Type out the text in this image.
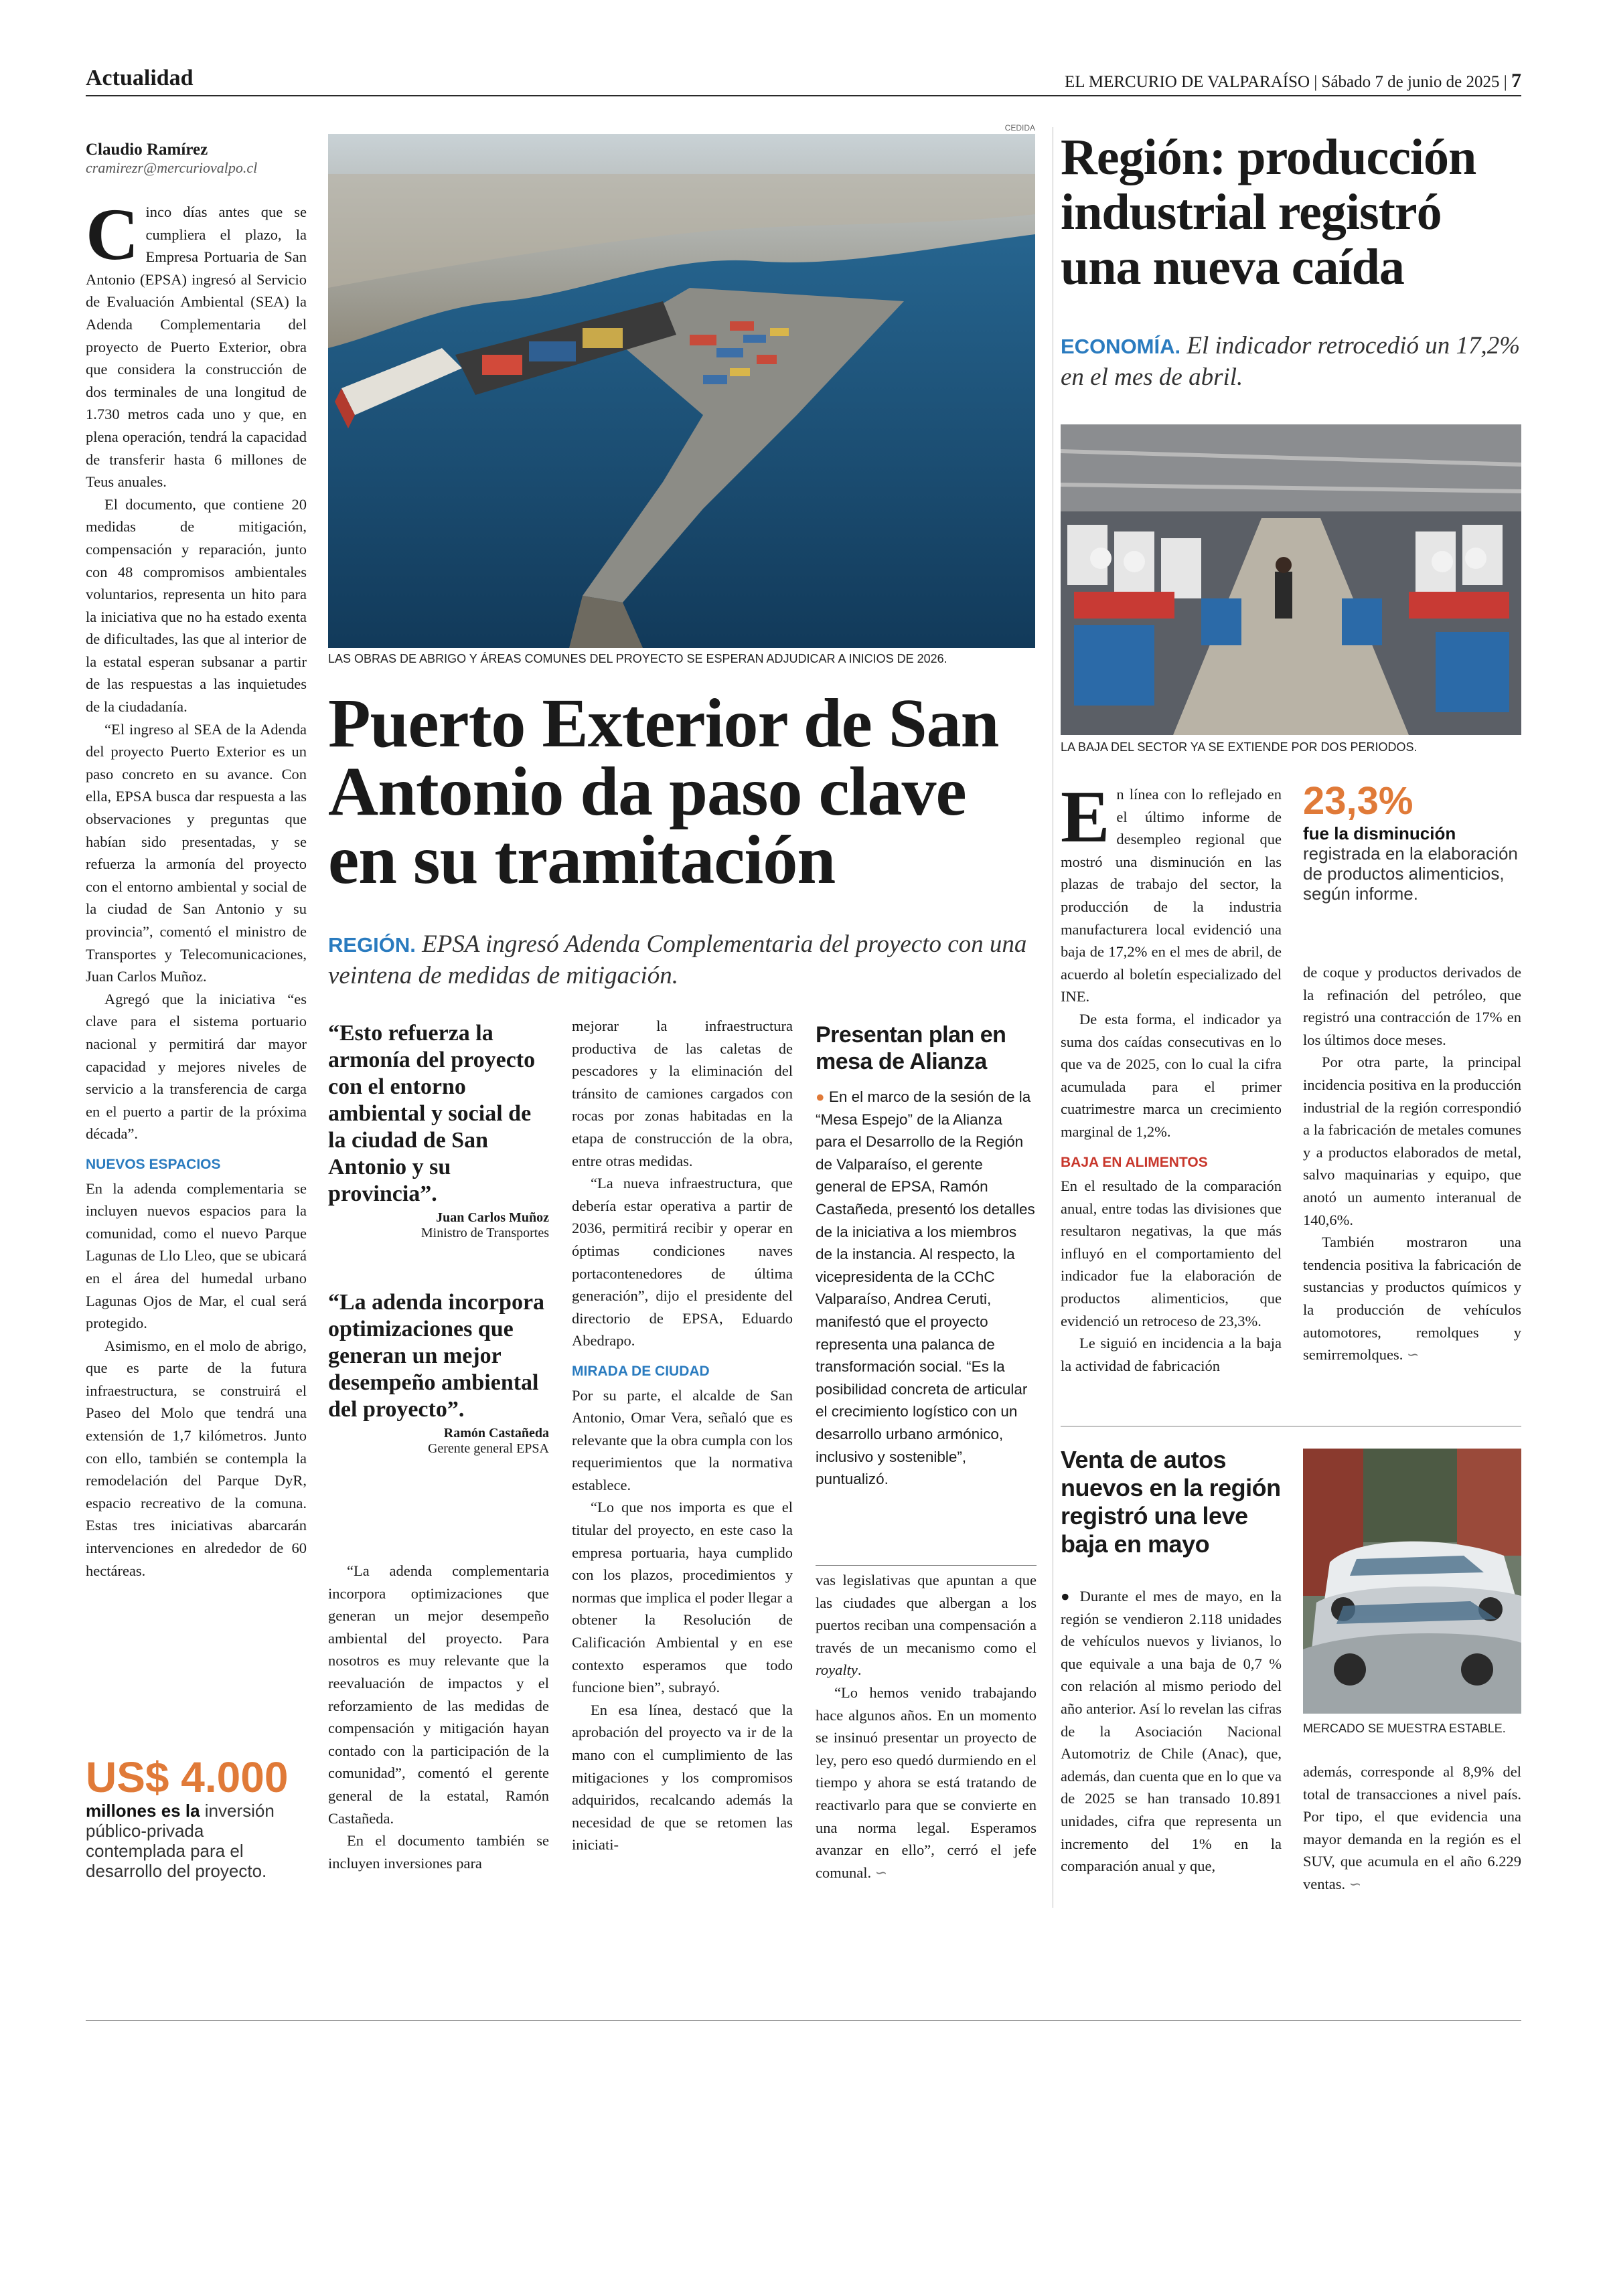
Actualidad	EL MERCURIO DE VALPARAÍSO | Sábado 7 de junio de 2025 | 7
Claudio Ramírez
cramirezr@mercuriovalpo.cl

Cinco días antes que se cumpliera el plazo, la Empresa Portuaria de San Antonio (EPSA) ingresó al Servicio de Evaluación Ambiental (SEA) la Adenda Complementaria del proyecto de Puerto Exterior, obra que considera la construcción de dos terminales de una longitud de 1.730 metros cada uno y que, en plena operación, tendrá la capacidad de transferir hasta 6 millones de Teus anuales.

El documento, que contiene 20 medidas de mitigación, compensación y reparación, junto con 48 compromisos ambientales voluntarios, representa un hito para la iniciativa que no ha estado exenta de dificultades, las que al interior de la estatal esperan subsanar a partir de las respuestas a las inquietudes de la ciudadanía.

“El ingreso al SEA de la Adenda del proyecto Puerto Exterior es un paso concreto en su avance. Con ella, EPSA busca dar respuesta a las observaciones y preguntas que habían sido presentadas, y se refuerza la armonía del proyecto con el entorno ambiental y social de la ciudad de San Antonio y su provincia”, comentó el ministro de Transportes y Telecomunicaciones, Juan Carlos Muñoz.

Agregó que la iniciativa “es clave para el sistema portuario nacional y permitirá dar mayor capacidad y mejores niveles de servicio a la transferencia de carga en el puerto a partir de la próxima década”.

NUEVOS ESPACIOS

En la adenda complementaria se incluyen nuevos espacios para la comunidad, como el nuevo Parque Lagunas de Llo Lleo, que se ubicará en el área del humedal urbano Lagunas Ojos de Mar, el cual será protegido.

Asimismo, en el molo de abrigo, que es parte de la futura infraestructura, se construirá el Paseo del Molo que tendrá una extensión de 1,7 kilómetros. Junto con ello, también se contempla la remodelación del Parque DyR, espacio recreativo de la comuna. Estas tres iniciativas abarcarán intervenciones en alrededor de 60 hectáreas.

US$ 4.000
millones es la inversión público-privada contemplada para el desarrollo del proyecto.
CEDIDA
LAS OBRAS DE ABRIGO Y ÁREAS COMUNES DEL PROYECTO SE ESPERAN ADJUDICAR A INICIOS DE 2026.
Puerto Exterior de San Antonio da paso clave en su tramitación
REGIÓN. EPSA ingresó Adenda Complementaria del proyecto con una veintena de medidas de mitigación.
“Esto refuerza la armonía del proyecto con el entorno ambiental y social de la ciudad de San Antonio y su provincia”.
Juan Carlos Muñoz
Ministro de Transportes
“La adenda incorpora optimizaciones que generan un mejor desempeño ambiental del proyecto”.
Ramón Castañeda
Gerente general EPSA

“La adenda complementaria incorpora optimizaciones que generan un mejor desempeño ambiental del proyecto. Para nosotros es muy relevante que la reevaluación de impactos y el reforzamiento de las medidas de compensación y mitigación hayan contado con la participación de la comunidad”, comentó el gerente general de la estatal, Ramón Castañeda.

En el documento también se incluyen inversiones para

mejorar la infraestructura productiva de las caletas de pescadores y la eliminación del tránsito de camiones cargados con rocas por zonas habitadas en la etapa de construcción de la obra, entre otras medidas.

“La nueva infraestructura, que debería estar operativa a partir de 2036, permitirá recibir y operar en óptimas condiciones naves portacontenedores de última generación”, dijo el presidente del directorio de EPSA, Eduardo Abedrapo.

MIRADA DE CIUDAD

Por su parte, el alcalde de San Antonio, Omar Vera, señaló que es relevante que la obra cumpla con los requerimientos que la normativa establece.

“Lo que nos importa es que el titular del proyecto, en este caso la empresa portuaria, haya cumplido con los plazos, procedimientos y normas que implica el poder llegar a obtener la Resolución de Calificación Ambiental y en ese contexto esperamos que todo funcione bien”, subrayó.

En esa línea, destacó que la aprobación del proyecto va ir de la mano con el cumplimiento de las mitigaciones y los compromisos adquiridos, recalcando además la necesidad de que se retomen las iniciati-

Presentan plan en mesa de Alianza
● En el marco de la sesión de la “Mesa Espejo” de la Alianza para el Desarrollo de la Región de Valparaíso, el gerente general de EPSA, Ramón Castañeda, presentó los detalles de la iniciativa a los miembros de la instancia. Al respecto, la vicepresidenta de la CChC Valparaíso, Andrea Ceruti, manifestó que el proyecto representa una palanca de transformación social. “Es la posibilidad concreta de articular el crecimiento logístico con un desarrollo urbano armónico, inclusivo y sostenible”, puntualizó.

vas legislativas que apuntan a que las ciudades que albergan a los puertos reciban una compensación a través de un mecanismo como el royalty.

“Lo hemos venido trabajando hace algunos años. En un momento se insinuó presentar un proyecto de ley, pero eso quedó durmiendo en el tiempo y ahora se está tratando de reactivarlo para que se convierte en una norma legal. Esperamos avanzar en ello”, cerró el jefe comunal. ∽

Región: producción industrial registró una nueva caída
ECONOMÍA. El indicador retrocedió un 17,2% en el mes de abril.
LA BAJA DEL SECTOR YA SE EXTIENDE POR DOS PERIODOS.

En línea con lo reflejado en el último informe de desempleo regional que mostró una disminución en las plazas de trabajo del sector, la producción de la industria manufacturera local evidenció una baja de 17,2% en el mes de abril, de acuerdo al boletín especializado del INE.

De esta forma, el indicador ya suma dos caídas consecutivas en lo que va de 2025, con lo cual la cifra acumulada para el primer cuatrimestre marca un crecimiento marginal de 1,2%.

BAJA EN ALIMENTOS

En el resultado de la comparación anual, entre todas las divisiones que resultaron negativas, la que más influyó en el comportamiento del indicador fue la elaboración de productos alimenticios, que evidenció un retroceso de 23,3%.

Le siguió en incidencia a la baja la actividad de fabricación

23,3%
fue la disminución registrada en la elaboración de productos alimenticios, según informe.

de coque y productos derivados de la refinación del petróleo, que registró una contracción de 17% en los últimos doce meses.

Por otra parte, la principal incidencia positiva en la producción industrial de la región correspondió a la fabricación de metales comunes y a productos elaborados de metal, salvo maquinarias y equipo, que anotó un aumento interanual de 140,6%.

También mostraron una tendencia positiva la fabricación de sustancias y productos químicos y la producción de vehículos automotores, remolques y semirremolques. ∽

Venta de autos nuevos en la región registró una leve baja en mayo

● Durante el mes de mayo, en la región se vendieron 2.118 unidades de vehículos nuevos y livianos, lo que equivale a una baja de 0,7 % con relación al mismo periodo del año anterior. Así lo revelan las cifras de la Asociación Nacional Automotriz de Chile (Anac), que, además, dan cuenta que en lo que va de 2025 se han transado 10.891 unidades, cifra que representa un incremento del 1% en la comparación anual y que,

MERCADO SE MUESTRA ESTABLE.

además, corresponde al 8,9% del total de transacciones a nivel país. Por tipo, el que evidencia una mayor demanda en la región es el SUV, que acumula en el año 6.229 ventas. ∽
